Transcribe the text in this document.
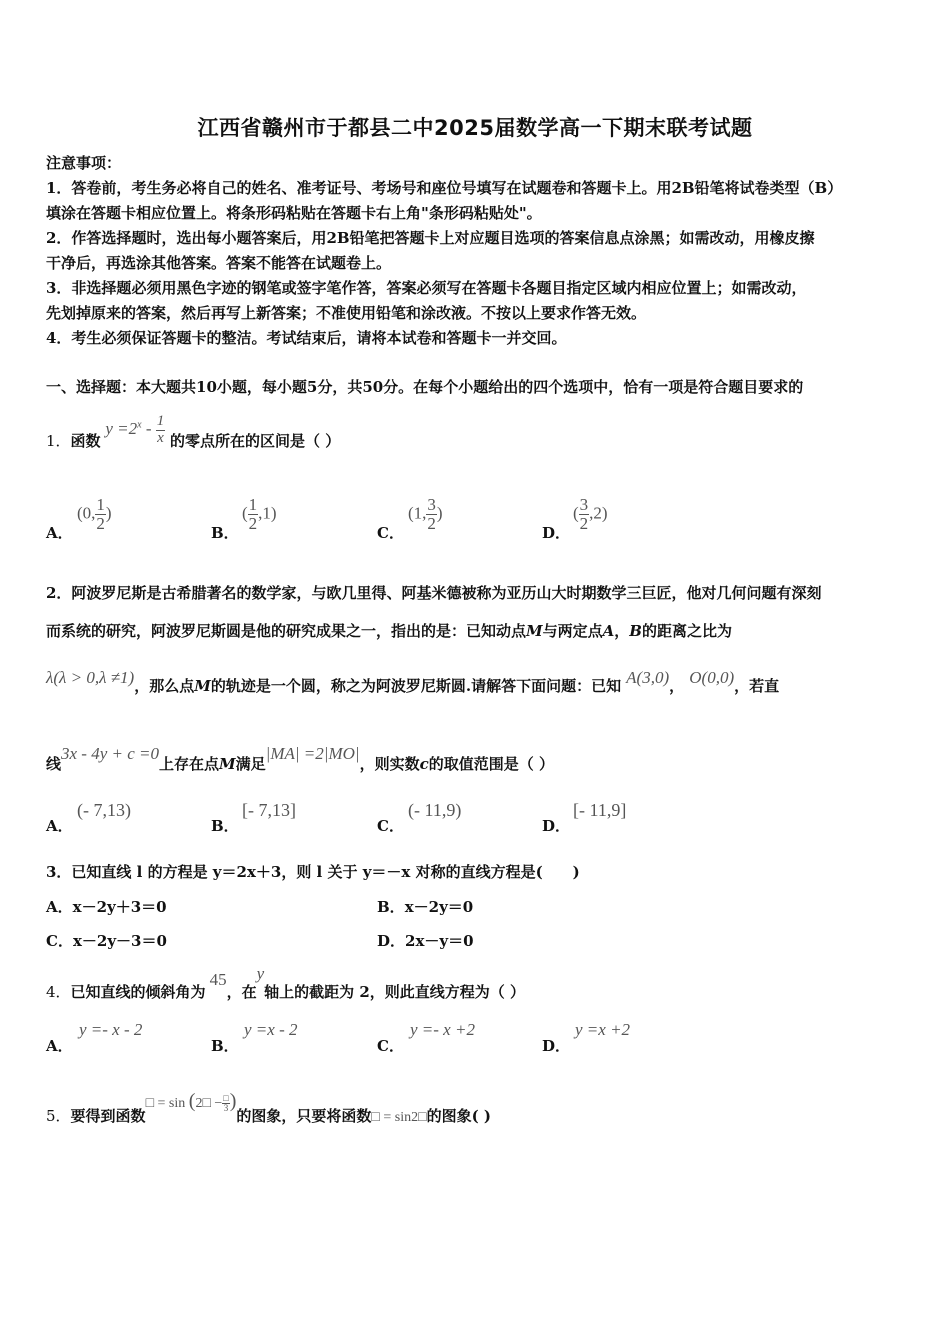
江西省赣州市于都县二中2025届数学高一下期末联考试题
注意事项：
1．答卷前，考生务必将自己的姓名、准考证号、考场号和座位号填写在试题卷和答题卡上。用2B铅笔将试卷类型（B）
填涂在答题卡相应位置上。将条形码粘贴在答题卡右上角"条形码粘贴处"。
2．作答选择题时，选出每小题答案后，用2B铅笔把答题卡上对应题目选项的答案信息点涂黑；如需改动，用橡皮擦
干净后，再选涂其他答案。答案不能答在试题卷上。
3．非选择题必须用黑色字迹的钢笔或签字笔作答，答案必须写在答题卡各题目指定区域内相应位置上；如需改动，
先划掉原来的答案，然后再写上新答案；不准使用铅笔和涂改液。不按以上要求作答无效。
4．考生必须保证答题卡的整洁。考试结束后，请将本试卷和答题卡一并交回。
一、选择题：本大题共10小题，每小题5分，共50分。在每个小题给出的四个选项中，恰有一项是符合题目要求的
1．函数 $y =2^x - \frac{1}{x}$ 的零点所在的区间是（ ）
A．
(0, $\frac{1}{2}$ )
B．
( $\frac{1}{2} ,1$)
C．
(1, $\frac{3}{2}$ )
D．
( $\frac{3}{2} ,2$)
2．阿波罗尼斯是古希腊著名的数学家，与欧几里得、阿基米德被称为亚历山大时期数学三巨匠，他对几何问题有深刻
而系统的研究，阿波罗尼斯圆是他的研究成果之一，指出的是：已知动点M与两定点A，B的距离之比为
λ(λ > 0,λ ≠1)，那么点M的轨迹是一个圆，称之为阿波罗尼斯圆.请解答下面问题：已知 A(3,0)， O(0,0)，若直
线3x - 4y + c =0上存在点M满足|MA| =2|MO|，则实数c的取值范围是（ ）
A．
(- 7,13)
B．
[- 7,13]
C．
(- 11,9)
D．
[- 11,9]
3．已知直线 l 的方程是 y＝2x＋3，则 l 关于 y＝－x 对称的直线方程是(　　)
A．x－2y＋3＝0	B．x－2y＝0
C．x－2y－3＝0	D．2x－y＝0
4．已知直线的倾斜角为45，在y轴上的截距为 2，则此直线方程为（ ）
A．
y =- x - 2
B．
y =x - 2
C．
y =- x +2
D．
y =x +2
5．要得到函数□ = sin (2□ − $\frac{□}{3}$ )的图象，只要将函数□ = sin2□的图象( )
